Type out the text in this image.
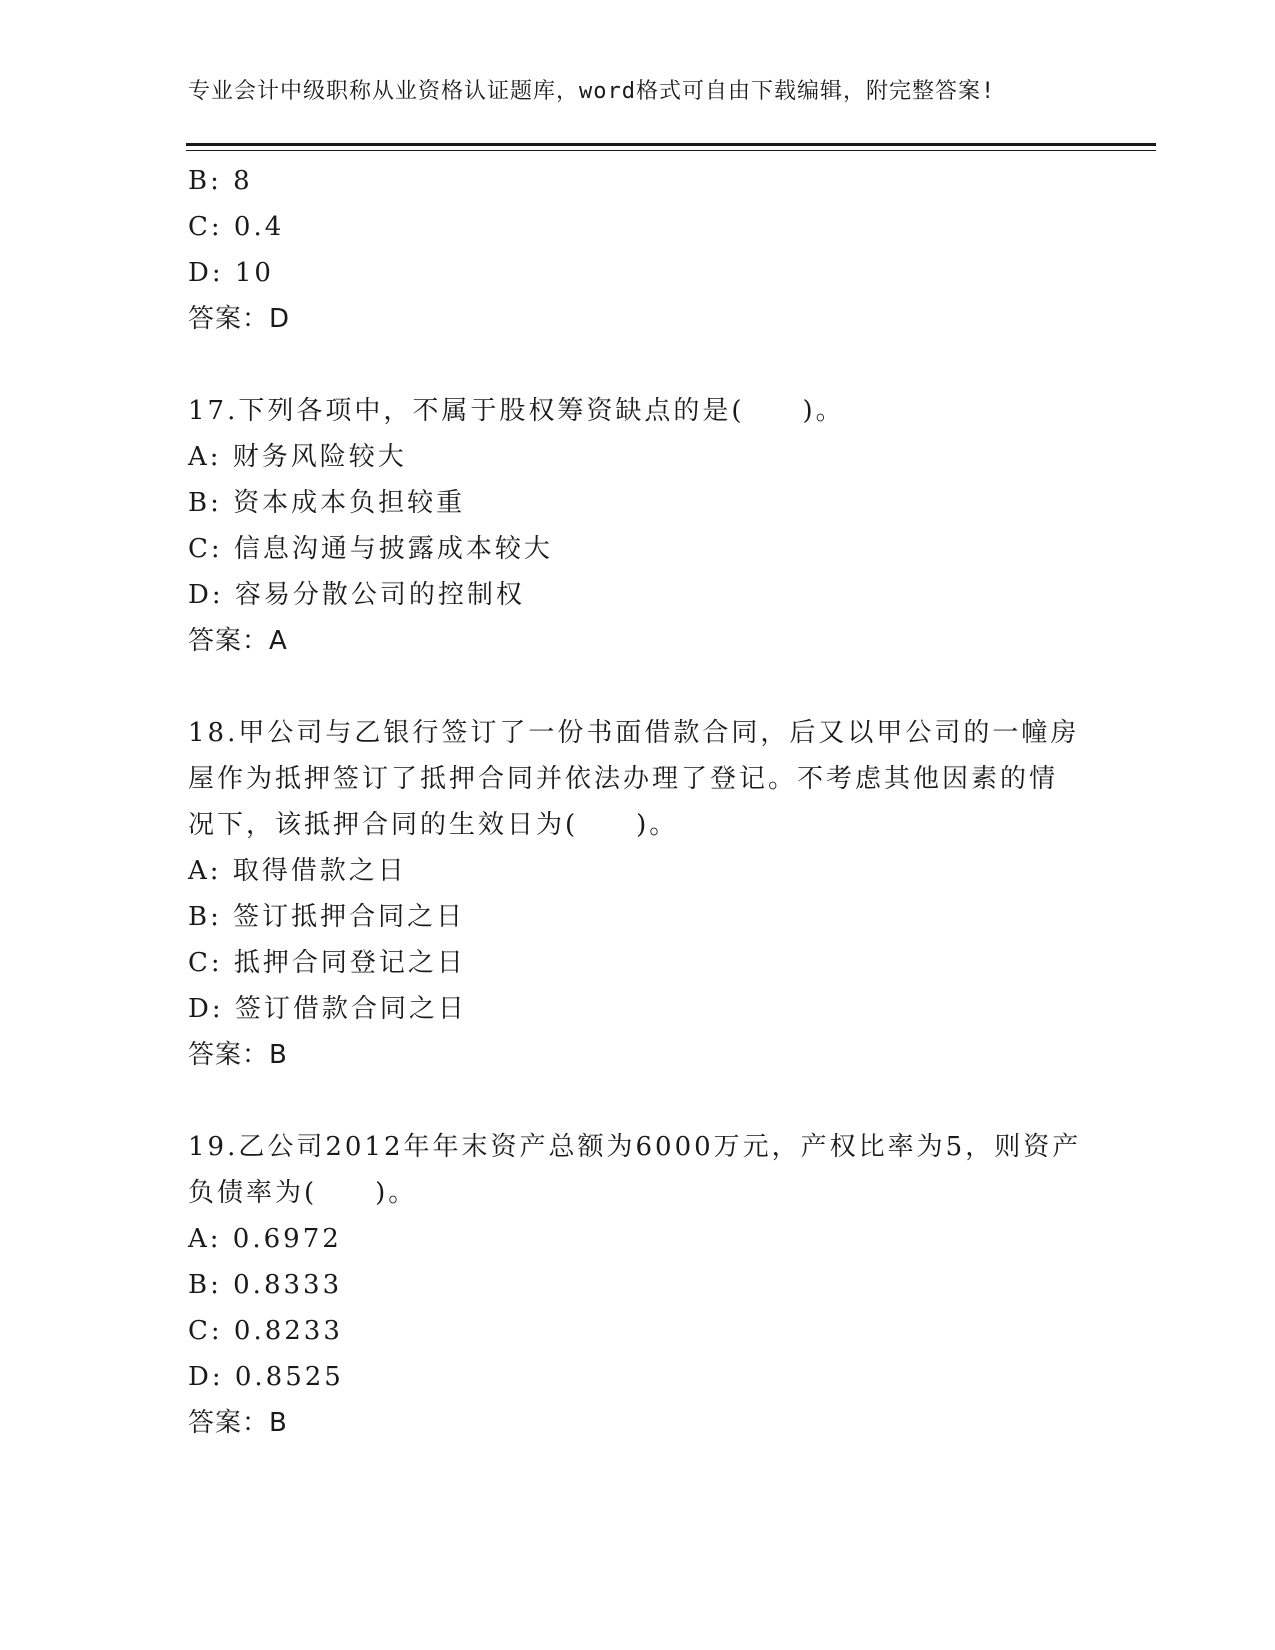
专业会计中级职称从业资格认证题库，word格式可自由下载编辑，附完整答案!
B: 8
C: 0.4
D: 10
答案：D
17.下列各项中，不属于股权筹资缺点的是(　　)。
A: 财务风险较大
B: 资本成本负担较重
C: 信息沟通与披露成本较大
D: 容易分散公司的控制权
答案：A
18.甲公司与乙银行签订了一份书面借款合同，后又以甲公司的一幢房
屋作为抵押签订了抵押合同并依法办理了登记。不考虑其他因素的情
况下，该抵押合同的生效日为(　　)。
A: 取得借款之日
B: 签订抵押合同之日
C: 抵押合同登记之日
D: 签订借款合同之日
答案：B
19.乙公司2012年年末资产总额为6000万元，产权比率为5，则资产
负债率为(　　)。
A: 0.6972
B: 0.8333
C: 0.8233
D: 0.8525
答案：B
